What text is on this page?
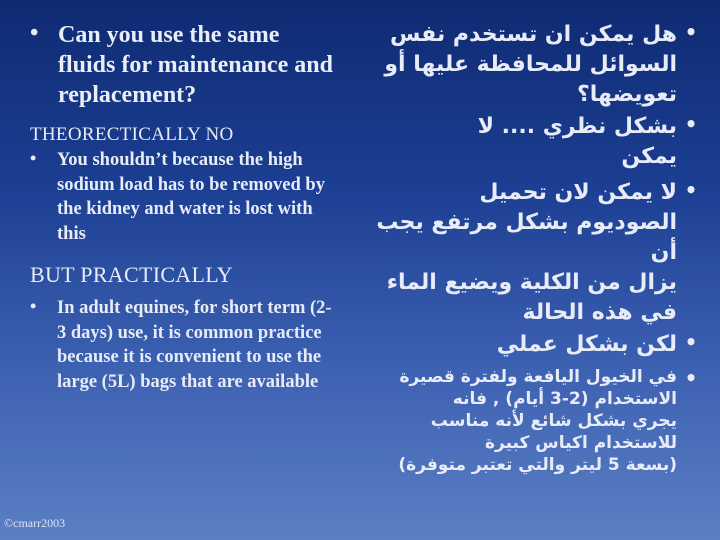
• Can you use the same fluids for maintenance and replacement?
THEORECTICALLY NO
•	You shouldn’t because the high sodium load has to be removed by the kidney and water is lost with this
BUT PRACTICALLY
•	In adult equines, for short term (2-3 days) use, it is common practice because it is convenient to use the large (5L) bags that are available
•
هل يمكن ان تستخدم نفس
السوائل للمحافظة عليها أو
تعويضها؟
•
بشكل نظري .... لا
يمكن
•
لا يمكن لان تحميل
الصوديوم بشكل مرتفع يجب أن
يزال من الكلية ويضيع الماء
في هذه الحالة
•
لكن بشكل عملي
•
في الخيول اليافعة ولفترة قصيرة
الاستخدام (2-3 أيام) , فانه
يجري بشكل شائع لأنه مناسب
للاستخدام اكياس كبيرة
(بسعة 5 ليتر والتي تعتبر متوفرة)
©cmarr2003
